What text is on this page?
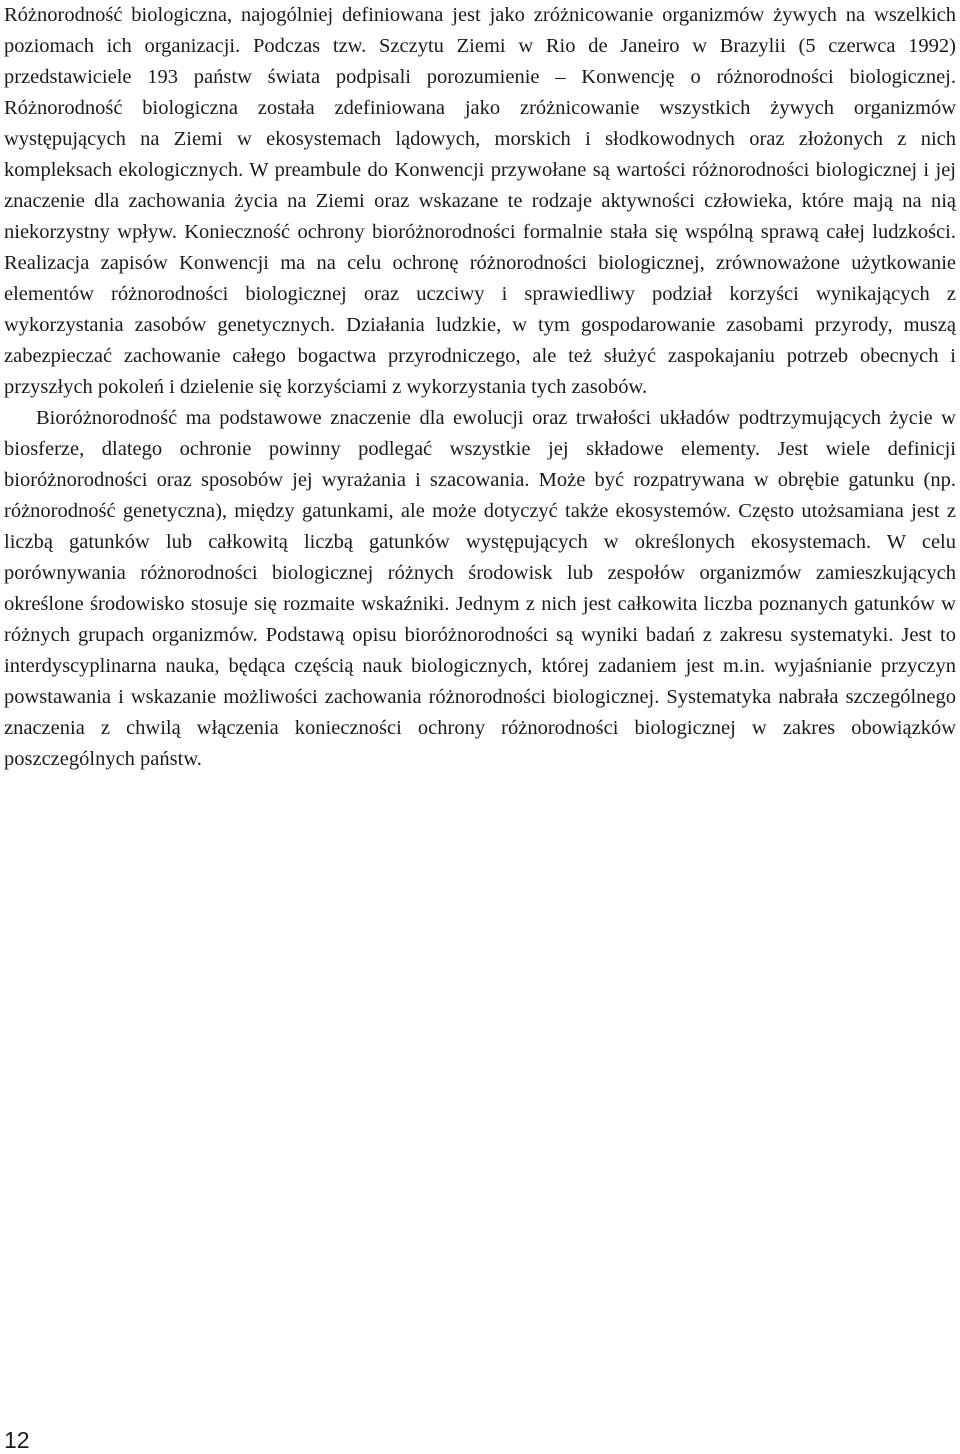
Różnorodność biologiczna, najogólniej definiowana jest jako zróżnicowanie organizmów żywych na wszelkich poziomach ich organizacji. Podczas tzw. Szczytu Ziemi w Rio de Janeiro w Brazylii (5 czerwca 1992) przedstawiciele 193 państw świata podpisali porozumienie – Konwencję o różnorodności biologicznej. Różnorodność biologiczna została zdefiniowana jako zróżnicowanie wszystkich żywych organizmów występujących na Ziemi w ekosystemach lądowych, morskich i słodkowodnych oraz złożonych z nich kompleksach ekologicznych. W preambule do Konwencji przywołane są wartości różnorodności biologicznej i jej znaczenie dla zachowania życia na Ziemi oraz wskazane te rodzaje aktywności człowieka, które mają na nią niekorzystny wpływ. Konieczność ochrony bioróżnorodności formalnie stała się wspólną sprawą całej ludzkości. Realizacja zapisów Konwencji ma na celu ochronę różnorodności biologicznej, zrównoważone użytkowanie elementów różnorodności biologicznej oraz uczciwy i sprawiedliwy podział korzyści wynikających z wykorzystania zasobów genetycznych. Działania ludzkie, w tym gospodarowanie zasobami przyrody, muszą zabezpieczać zachowanie całego bogactwa przyrodniczego, ale też służyć zaspokajaniu potrzeb obecnych i przyszłych pokoleń i dzielenie się korzyściami z wykorzystania tych zasobów.

Bioróżnorodność ma podstawowe znaczenie dla ewolucji oraz trwałości układów podtrzymujących życie w biosferze, dlatego ochronie powinny podlegać wszystkie jej składowe elementy. Jest wiele definicji bioróżnorodności oraz sposobów jej wyrażania i szacowania. Może być rozpatrywana w obrębie gatunku (np. różnorodność genetyczna), między gatunkami, ale może dotyczyć także ekosystemów. Często utożsamiana jest z liczbą gatunków lub całkowitą liczbą gatunków występujących w określonych ekosystemach. W celu porównywania różnorodności biologicznej różnych środowisk lub zespołów organizmów zamieszkujących określone środowisko stosuje się rozmaite wskaźniki. Jednym z nich jest całkowita liczba poznanych gatunków w różnych grupach organizmów. Podstawą opisu bioróżnorodności są wyniki badań z zakresu systematyki. Jest to interdyscyplinarna nauka, będąca częścią nauk biologicznych, której zadaniem jest m.in. wyjaśnianie przyczyn powstawania i wskazanie możliwości zachowania różnorodności biologicznej. Systematyka nabrała szczególnego znaczenia z chwilą włączenia konieczności ochrony różnorodności biologicznej w zakres obowiązków poszczególnych państw.

12
